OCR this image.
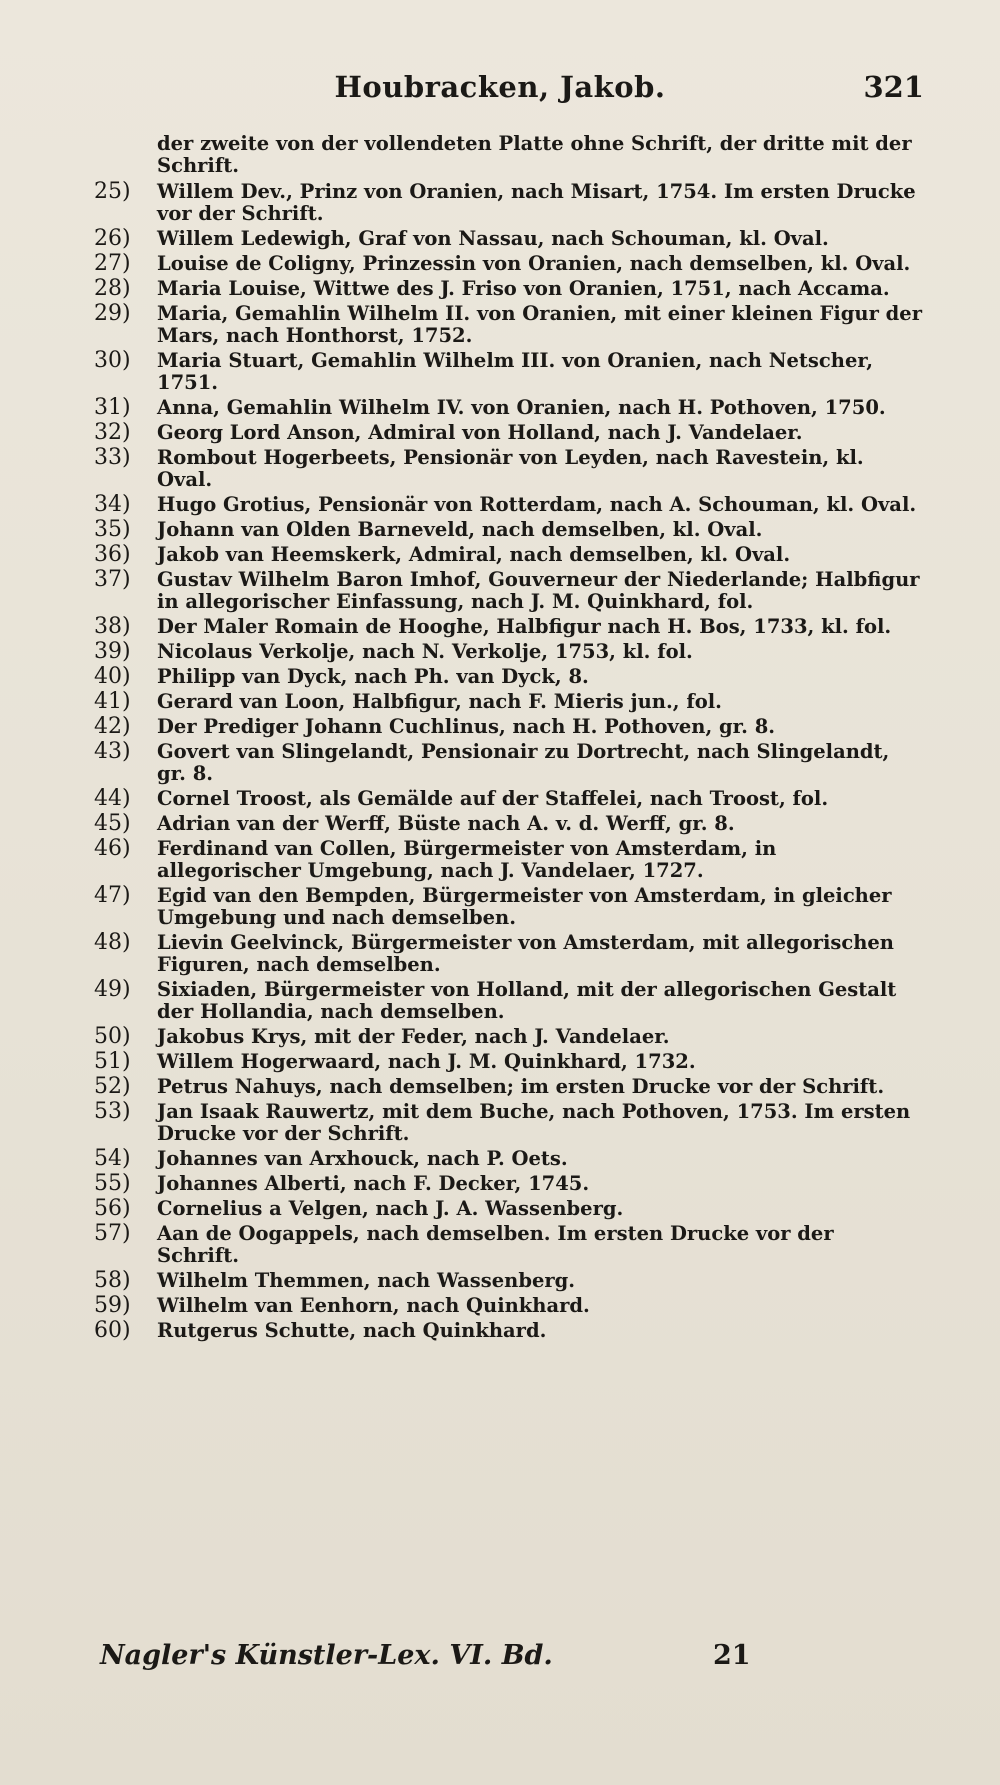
Houbracken, Jakob.	321
der zweite von der vollendeten Platte ohne Schrift, der dritte mit der Schrift.
25)	Willem Dev., Prinz von Oranien, nach Misart, 1754. Im ersten Drucke vor der Schrift.
26)	Willem Ledewigh, Graf von Nassau, nach Schouman, kl. Oval.
27)	Louise de Coligny, Prinzessin von Oranien, nach demselben, kl. Oval.
28)	Maria Louise, Wittwe des J. Friso von Oranien, 1751, nach Accama.
29)	Maria, Gemahlin Wilhelm II. von Oranien, mit einer kleinen Figur der Mars, nach Honthorst, 1752.
30)	Maria Stuart, Gemahlin Wilhelm III. von Oranien, nach Netscher, 1751.
31)	Anna, Gemahlin Wilhelm IV. von Oranien, nach H. Pothoven, 1750.
32)	Georg Lord Anson, Admiral von Holland, nach J. Vandelaer.
33)	Rombout Hogerbeets, Pensionär von Leyden, nach Ravestein, kl. Oval.
34)	Hugo Grotius, Pensionär von Rotterdam, nach A. Schouman, kl. Oval.
35)	Johann van Olden Barneveld, nach demselben, kl. Oval.
36)	Jakob van Heemskerk, Admiral, nach demselben, kl. Oval.
37)	Gustav Wilhelm Baron Imhof, Gouverneur der Niederlande; Halbfigur in allegorischer Einfassung, nach J. M. Quinkhard, fol.
38)	Der Maler Romain de Hooghe, Halbfigur nach H. Bos, 1733, kl. fol.
39)	Nicolaus Verkolje, nach N. Verkolje, 1753, kl. fol.
40)	Philipp van Dyck, nach Ph. van Dyck, 8.
41)	Gerard van Loon, Halbfigur, nach F. Mieris jun., fol.
42)	Der Prediger Johann Cuchlinus, nach H. Pothoven, gr. 8.
43)	Govert van Slingelandt, Pensionair zu Dortrecht, nach Slingelandt, gr. 8.
44)	Cornel Troost, als Gemälde auf der Staffelei, nach Troost, fol.
45)	Adrian van der Werff, Büste nach A. v. d. Werff, gr. 8.
46)	Ferdinand van Collen, Bürgermeister von Amsterdam, in allegorischer Umgebung, nach J. Vandelaer, 1727.
47)	Egid van den Bempden, Bürgermeister von Amsterdam, in gleicher Umgebung und nach demselben.
48)	Lievin Geelvinck, Bürgermeister von Amsterdam, mit allegorischen Figuren, nach demselben.
49)	Sixiaden, Bürgermeister von Holland, mit der allegorischen Gestalt der Hollandia, nach demselben.
50)	Jakobus Krys, mit der Feder, nach J. Vandelaer.
51)	Willem Hogerwaard, nach J. M. Quinkhard, 1732.
52)	Petrus Nahuys, nach demselben; im ersten Drucke vor der Schrift.
53)	Jan Isaak Rauwertz, mit dem Buche, nach Pothoven, 1753. Im ersten Drucke vor der Schrift.
54)	Johannes van Arxhouck, nach P. Oets.
55)	Johannes Alberti, nach F. Decker, 1745.
56)	Cornelius a Velgen, nach J. A. Wassenberg.
57)	Aan de Oogappels, nach demselben. Im ersten Drucke vor der Schrift.
58)	Wilhelm Themmen, nach Wassenberg.
59)	Wilhelm van Eenhorn, nach Quinkhard.
60)	Rutgerus Schutte, nach Quinkhard.
Nagler's Künstler-Lex. VI. Bd.	21
